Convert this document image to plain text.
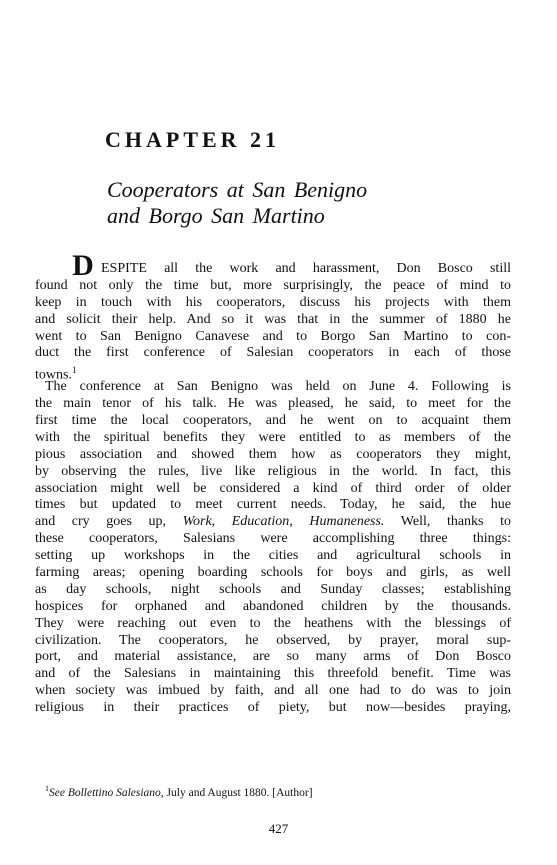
CHAPTER 21
Cooperators at San Benigno
and Borgo San Martino
D ESPITE all the work and harassment, Don Bosco still
found not only the time but, more surprisingly, the peace of mind to
keep in touch with his cooperators, discuss his projects with them
and solicit their help. And so it was that in the summer of 1880 he
went to San Benigno Canavese and to Borgo San Martino to con-
duct the first conference of Salesian cooperators in each of those
towns.$^1$
The conference at San Benigno was held on June 4. Following is
the main tenor of his talk. He was pleased, he said, to meet for the
first time the local cooperators, and he went on to acquaint them
with the spiritual benefits they were entitled to as members of the
pious association and showed them how as cooperators they might,
by observing the rules, live like religious in the world. In fact, this
association might well be considered a kind of third order of older
times but updated to meet current needs. Today, he said, the hue
and cry goes up, Work, Education, Humaneness. Well, thanks to
these cooperators, Salesians were accomplishing three things:
setting up workshops in the cities and agricultural schools in
farming areas; opening boarding schools for boys and girls, as well
as day schools, night schools and Sunday classes; establishing
hospices for orphaned and abandoned children by the thousands.
They were reaching out even to the heathens with the blessings of
civilization. The cooperators, he observed, by prayer, moral sup-
port, and material assistance, are so many arms of Don Bosco
and of the Salesians in maintaining this threefold benefit. Time was
when society was imbued by faith, and all one had to do was to join
religious in their practices of piety, but now—besides praying,

$^1$See Bollettino Salesiano, July and August 1880. [Author]

427
